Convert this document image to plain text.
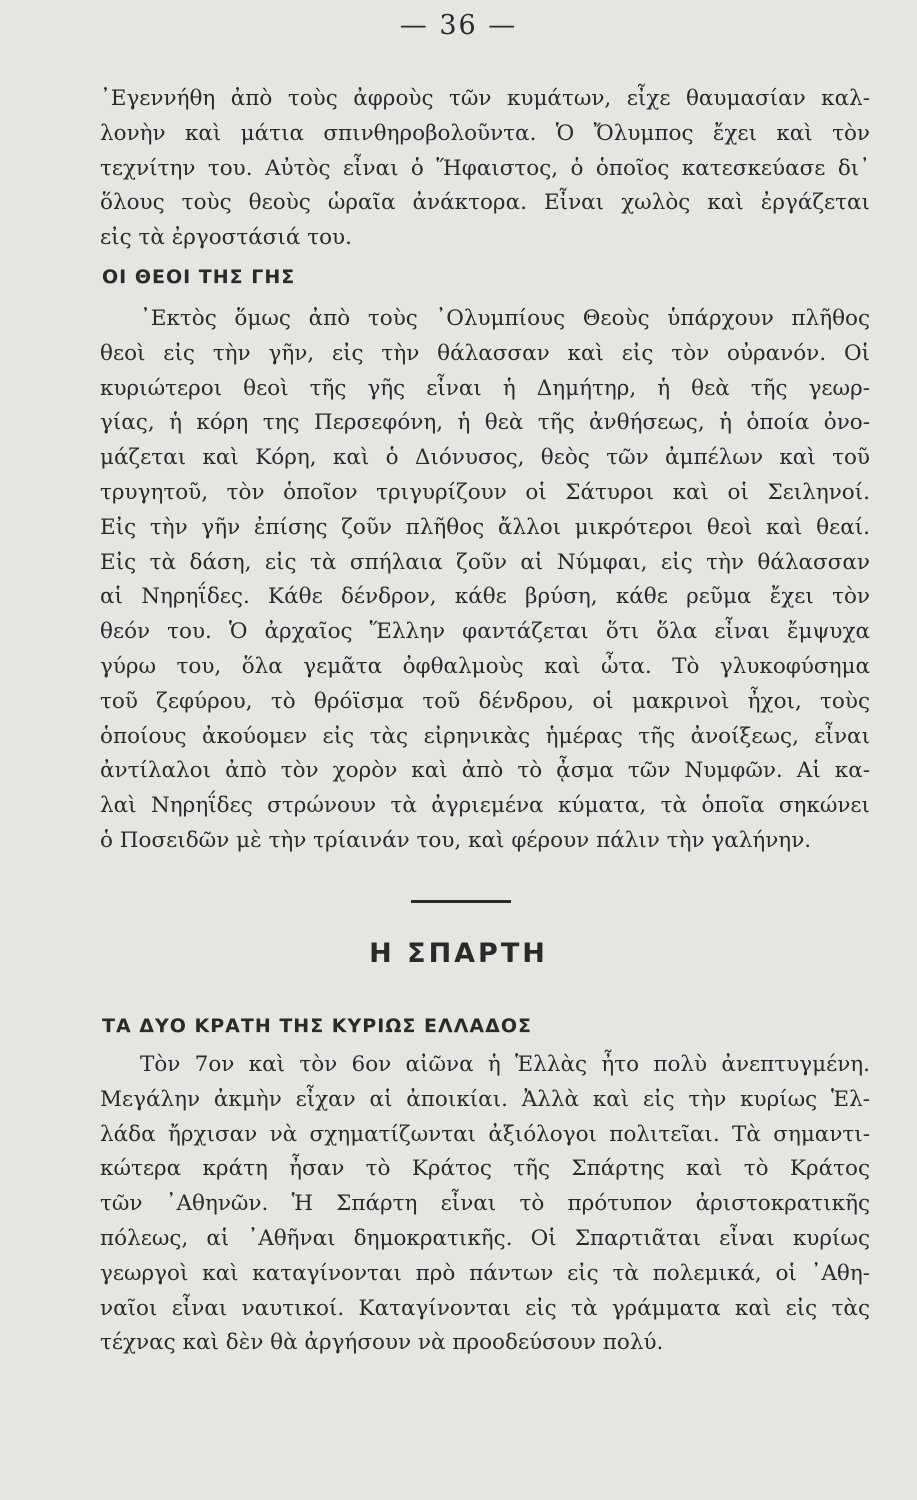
— 36 —
᾽Εγεννήθη ἀπὸ τοὺς ἀφροὺς τῶν κυμάτων, εἶχε θαυμασίαν καλ-
λονὴν καὶ μάτια σπινθηροβολοῦντα. Ὁ Ὄλυμπος ἔχει καὶ τὸν
τεχνίτην του. Αὐτὸς εἶναι ὁ Ἥφαιστος, ὁ ὁποῖος κατεσκεύασε δι᾽
ὅλους τοὺς θεοὺς ὡραῖα ἀνάκτορα. Εἶναι χωλὸς καὶ ἐργάζεται
εἰς τὰ ἐργοστάσιά του.
ΟΙ ΘΕΟΙ ΤΗΣ ΓΗΣ
᾽Εκτὸς ὅμως ἀπὸ τοὺς ᾽Ολυμπίους Θεοὺς ὑπάρχουν πλῆθος
θεοὶ εἰς τὴν γῆν, εἰς τὴν θάλασσαν καὶ εἰς τὸν οὐρανόν. Οἱ
κυριώτεροι θεοὶ τῆς γῆς εἶναι ἡ Δημήτηρ, ἡ θεὰ τῆς γεωρ-
γίας, ἡ κόρη της Περσεφόνη, ἡ θεὰ τῆς ἀνθήσεως, ἡ ὁποία ὀνο-
μάζεται καὶ Κόρη, καὶ ὁ Διόνυσος, θεὸς τῶν ἀμπέλων καὶ τοῦ
τρυγητοῦ, τὸν ὁποῖον τριγυρίζουν οἱ Σάτυροι καὶ οἱ Σειληνοί.
Εἰς τὴν γῆν ἐπίσης ζοῦν πλῆθος ἄλλοι μικρότεροι θεοὶ καὶ θεαί.
Εἰς τὰ δάση, εἰς τὰ σπήλαια ζοῦν αἱ Νύμφαι, εἰς τὴν θάλασσαν
αἱ Νηρηΐδες. Κάθε δένδρον, κάθε βρύση, κάθε ρεῦμα ἔχει τὸν
θεόν του. Ὁ ἀρχαῖος Ἕλλην φαντάζεται ὅτι ὅλα εἶναι ἔμψυχα
γύρω του, ὅλα γεμᾶτα ὀφθαλμοὺς καὶ ὦτα. Τὸ γλυκοφύσημα
τοῦ ζεφύρου, τὸ θρόϊσμα τοῦ δένδρου, οἱ μακρινοὶ ἦχοι, τοὺς
ὁποίους ἀκούομεν εἰς τὰς εἰρηνικὰς ἡμέρας τῆς ἀνοίξεως, εἶναι
ἀντίλαλοι ἀπὸ τὸν χορὸν καὶ ἀπὸ τὸ ᾆσμα τῶν Νυμφῶν. Αἱ κα-
λαὶ Νηρηΐδες στρώνουν τὰ ἀγριεμένα κύματα, τὰ ὁποῖα σηκώνει
ὁ Ποσειδῶν μὲ τὴν τρίαινάν του, καὶ φέρουν πάλιν τὴν γαλήνην.
Η ΣΠΑΡΤΗ
ΤΑ ΔΥΟ ΚΡΑΤΗ ΤΗΣ ΚΥΡΙΩΣ ΕΛΛΑΔΟΣ
Τὸν 7ον καὶ τὸν 6ον αἰῶνα ἡ Ἑλλὰς ἦτο πολὺ ἀνεπτυγμένη.
Μεγάλην ἀκμὴν εἶχαν αἱ ἀποικίαι. Ἀλλὰ καὶ εἰς τὴν κυρίως Ἑλ-
λάδα ἤρχισαν νὰ σχηματίζωνται ἀξιόλογοι πολιτεῖαι. Τὰ σημαντι-
κώτερα κράτη ἦσαν τὸ Κράτος τῆς Σπάρτης καὶ τὸ Κράτος
τῶν ᾽Αθηνῶν. Ἡ Σπάρτη εἶναι τὸ πρότυπον ἀριστοκρατικῆς
πόλεως, αἱ ᾽Αθῆναι δημοκρατικῆς. Οἱ Σπαρτιᾶται εἶναι κυρίως
γεωργοὶ καὶ καταγίνονται πρὸ πάντων εἰς τὰ πολεμικά, οἱ ᾽Αθη-
ναῖοι εἶναι ναυτικοί. Καταγίνονται εἰς τὰ γράμματα καὶ εἰς τὰς
τέχνας καὶ δὲν θὰ ἀργήσουν νὰ προοδεύσουν πολύ.
